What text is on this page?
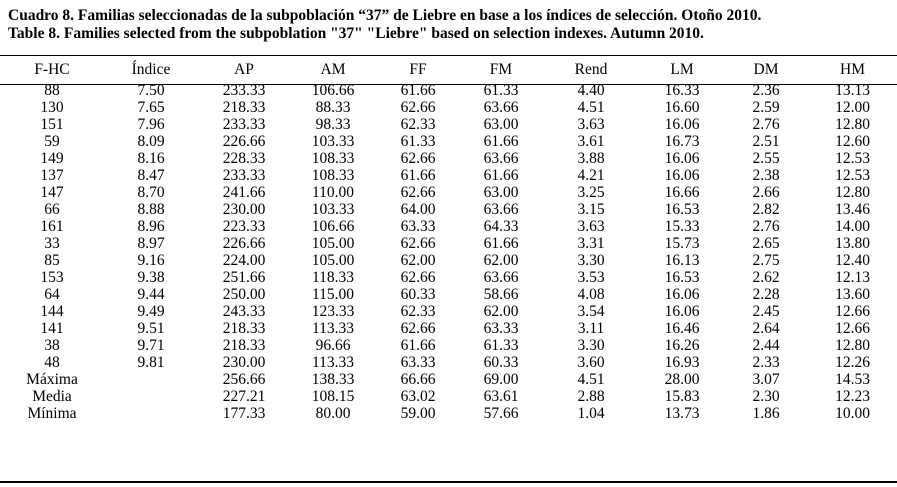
Cuadro 8. Familias seleccionadas de la subpoblación “37” de Liebre en base a los índices de selección. Otoño 2010.
Table 8. Families selected from the subpoblation "37" "Liebre" based on selection indexes. Autumn 2010.
F-HC	Índice	AP	AM	FF	FM	Rend	LM	DM	HM
88	7.50	233.33	106.66	61.66	61.33	4.40	16.33	2.36	13.13
130	7.65	218.33	88.33	62.66	63.66	4.51	16.60	2.59	12.00
151	7.96	233.33	98.33	62.33	63.00	3.63	16.06	2.76	12.80
59	8.09	226.66	103.33	61.33	61.66	3.61	16.73	2.51	12.60
149	8.16	228.33	108.33	62.66	63.66	3.88	16.06	2.55	12.53
137	8.47	233.33	108.33	61.66	61.66	4.21	16.06	2.38	12.53
147	8.70	241.66	110.00	62.66	63.00	3.25	16.66	2.66	12.80
66	8.88	230.00	103.33	64.00	63.66	3.15	16.53	2.82	13.46
161	8.96	223.33	106.66	63.33	64.33	3.63	15.33	2.76	14.00
33	8.97	226.66	105.00	62.66	61.66	3.31	15.73	2.65	13.80
85	9.16	224.00	105.00	62.00	62.00	3.30	16.13	2.75	12.40
153	9.38	251.66	118.33	62.66	63.66	3.53	16.53	2.62	12.13
64	9.44	250.00	115.00	60.33	58.66	4.08	16.06	2.28	13.60
144	9.49	243.33	123.33	62.33	62.00	3.54	16.06	2.45	12.66
141	9.51	218.33	113.33	62.66	63.33	3.11	16.46	2.64	12.66
38	9.71	218.33	96.66	61.66	61.33	3.30	16.26	2.44	12.80
48	9.81	230.00	113.33	63.33	60.33	3.60	16.93	2.33	12.26
Máxima		256.66	138.33	66.66	69.00	4.51	28.00	3.07	14.53
Media		227.21	108.15	63.02	63.61	2.88	15.83	2.30	12.23
Mínima		177.33	80.00	59.00	57.66	1.04	13.73	1.86	10.00
